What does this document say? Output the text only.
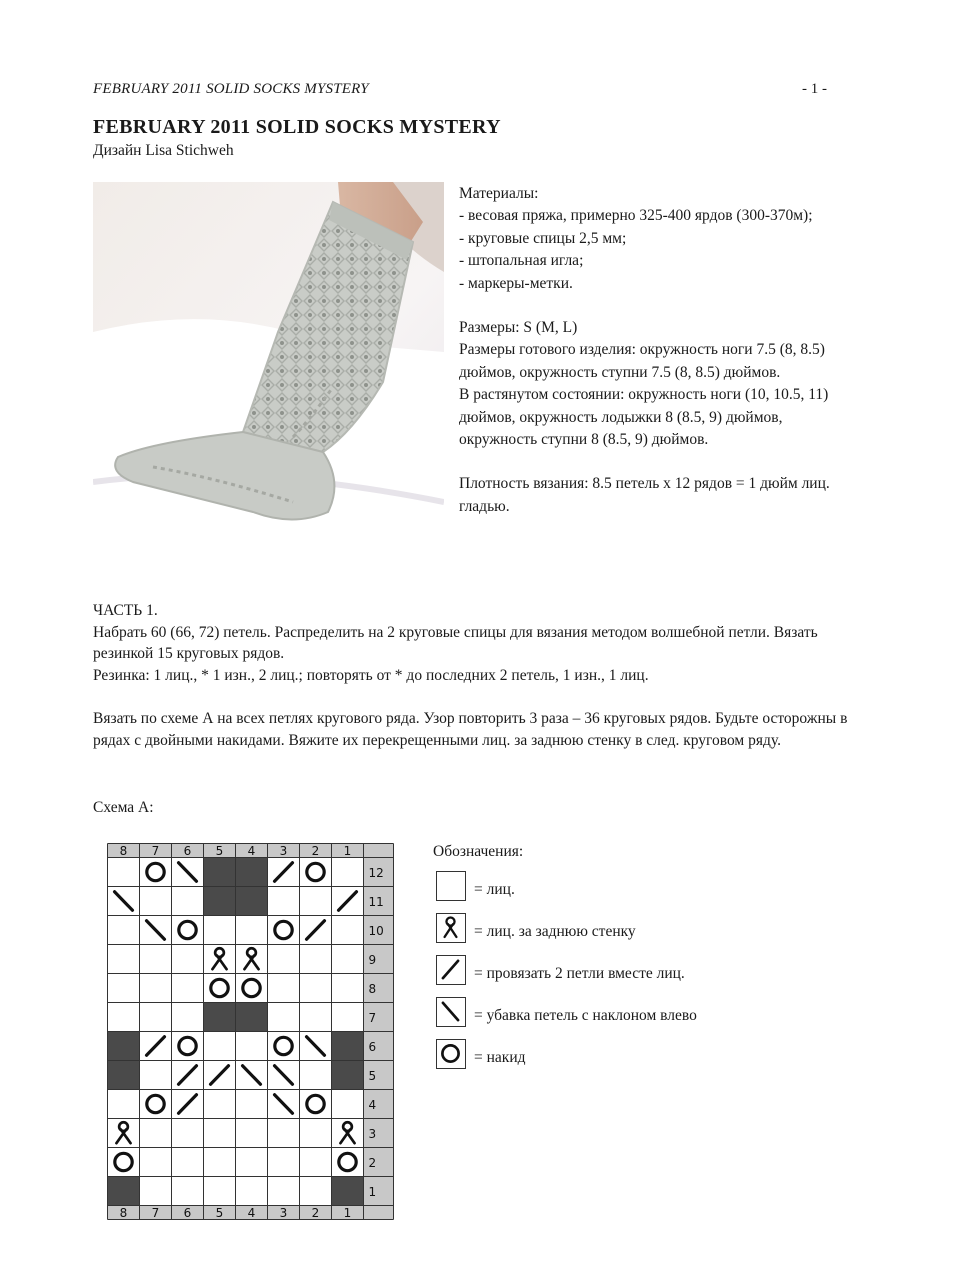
FEBRUARY 2011 SOLID SOCKS MYSTERY	- 1 -
FEBRUARY 2011 SOLID SOCKS MYSTERY
Дизайн Lisa Stichweh

Материалы:

- весовая пряжа, примерно 325-400 ярдов (300-370м);

- круговые спицы 2,5 мм;

- штопальная игла;

- маркеры-метки.

Размеры: S (M, L)

Размеры готового изделия: окружность ноги 7.5 (8, 8.5) дюймов, окружность ступни 7.5 (8, 8.5) дюймов.

В растянутом состоянии: окружность ноги (10, 10.5, 11) дюймов, окружность лодыжки 8 (8.5, 9) дюймов, окружность ступни 8 (8.5, 9) дюймов.

Плотность вязания: 8.5 петель х 12 рядов = 1 дюйм лиц. гладью.

ЧАСТЬ 1.

Набрать 60 (66, 72) петель. Распределить на 2 круговые спицы для вязания методом волшебной петли. Вязать резинкой 15 круговых рядов.

Резинка: 1 лиц., * 1 изн., 2 лиц.; повторять от * до последних 2 петель, 1 изн., 1 лиц.

Вязать по схеме А на всех петлях кругового ряда. Узор повторить 3 раза – 36 круговых рядов. Будьте осторожны в рядах с двойными накидами. Вяжите их перекрещенными лиц. за заднюю стенку в след. круговом ряду.

Схема А:
8
8
7
7
6
6
5
5
4
4
3
3
2
2
1
1
12
11
10
9
8
7
6
5
4
3
2
1
Обозначения:
= лиц.
= лиц. за заднюю стенку
= провязать 2 петли вместе лиц.
= убавка петель с наклоном влево
= накид
